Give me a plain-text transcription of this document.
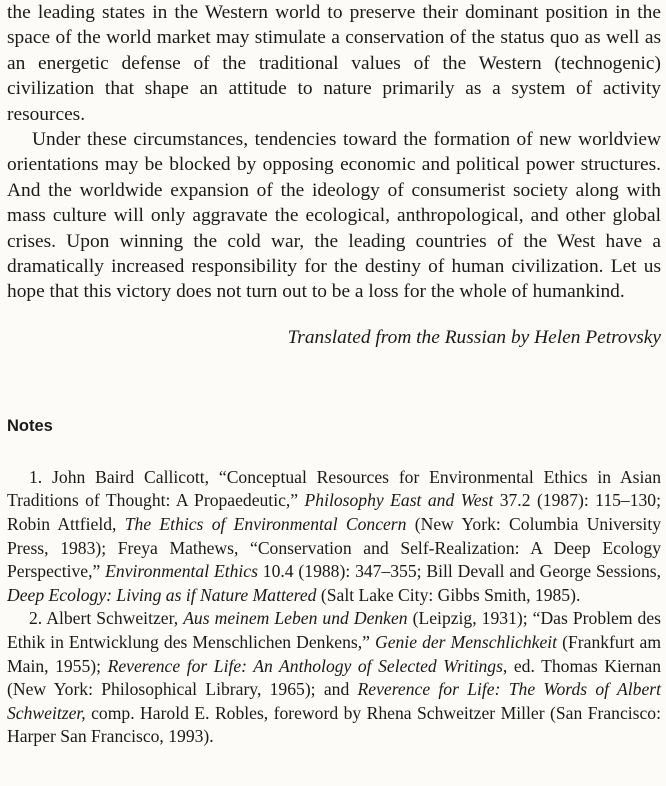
the leading states in the Western world to preserve their dominant position in the space of the world market may stimulate a conservation of the status quo as well as an energetic defense of the traditional values of the Western (technogenic) civilization that shape an attitude to nature primarily as a system of activity resources.

Under these circumstances, tendencies toward the formation of new worldview orientations may be blocked by opposing economic and political power structures. And the worldwide expansion of the ideology of consumerist society along with mass culture will only aggravate the ecological, anthropological, and other global crises. Upon winning the cold war, the leading countries of the West have a dramatically increased responsibility for the destiny of human civilization. Let us hope that this victory does not turn out to be a loss for the whole of humankind.

Translated from the Russian by Helen Petrovsky
Notes

1. John Baird Callicott, “Conceptual Resources for Environmental Ethics in Asian Traditions of Thought: A Propaedeutic,” Philosophy East and West 37.2 (1987): 115–130; Robin Attfield, The Ethics of Environmental Concern (New York: Columbia University Press, 1983); Freya Mathews, “Conservation and Self-Realization: A Deep Ecology Perspective,” Environmental Ethics 10.4 (1988): 347–355; Bill Devall and George Sessions, Deep Ecology: Living as if Nature Mattered (Salt Lake City: Gibbs Smith, 1985).

2. Albert Schweitzer, Aus meinem Leben und Denken (Leipzig, 1931); “Das Problem des Ethik in Entwicklung des Menschlichen Denkens,” Genie der Menschlichkeit (Frankfurt am Main, 1955); Reverence for Life: An Anthology of Selected Writings, ed. Thomas Kiernan (New York: Philosophical Library, 1965); and Reverence for Life: The Words of Albert Schweitzer, comp. Harold E. Robles, foreword by Rhena Schweitzer Miller (San Francisco: Harper San Francisco, 1993).
